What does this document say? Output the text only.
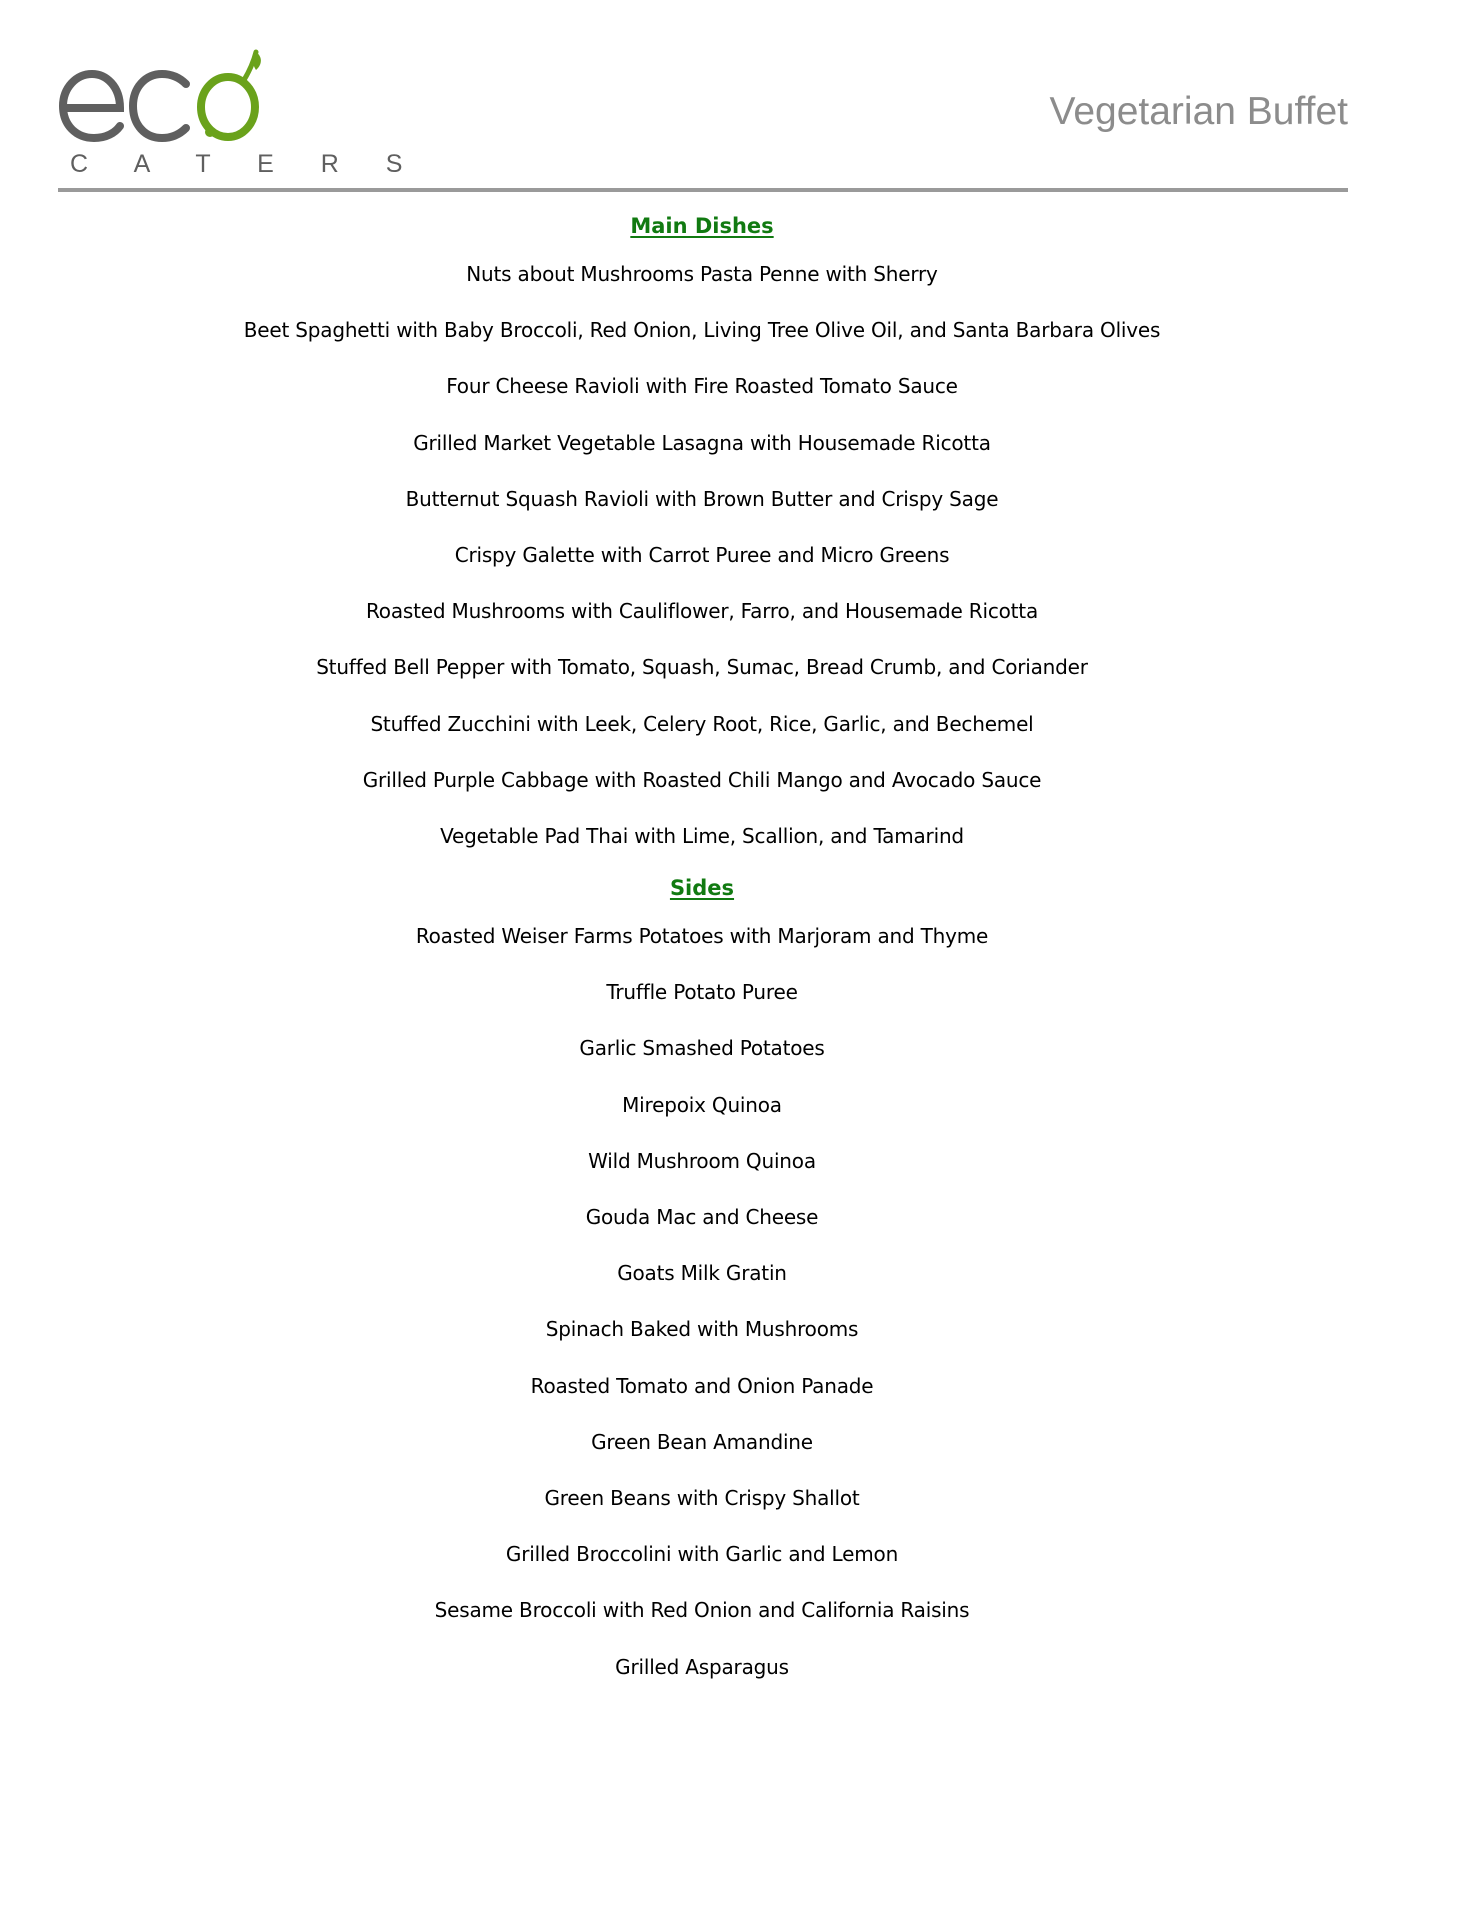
C A T E R S
Vegetarian Buffet
Main Dishes

Nuts about Mushrooms Pasta Penne with Sherry

Beet Spaghetti with Baby Broccoli, Red Onion, Living Tree Olive Oil, and Santa Barbara Olives

Four Cheese Ravioli with Fire Roasted Tomato Sauce

Grilled Market Vegetable Lasagna with Housemade Ricotta

Butternut Squash Ravioli with Brown Butter and Crispy Sage

Crispy Galette with Carrot Puree and Micro Greens

Roasted Mushrooms with Cauliflower, Farro, and Housemade Ricotta

Stuffed Bell Pepper with Tomato, Squash, Sumac, Bread Crumb, and Coriander

Stuffed Zucchini with Leek, Celery Root, Rice, Garlic, and Bechemel

Grilled Purple Cabbage with Roasted Chili Mango and Avocado Sauce

Vegetable Pad Thai with Lime, Scallion, and Tamarind

Sides

Roasted Weiser Farms Potatoes with Marjoram and Thyme

Truffle Potato Puree

Garlic Smashed Potatoes

Mirepoix Quinoa

Wild Mushroom Quinoa

Gouda Mac and Cheese

Goats Milk Gratin

Spinach Baked with Mushrooms

Roasted Tomato and Onion Panade

Green Bean Amandine

Green Beans with Crispy Shallot

Grilled Broccolini with Garlic and Lemon

Sesame Broccoli with Red Onion and California Raisins

Grilled Asparagus
